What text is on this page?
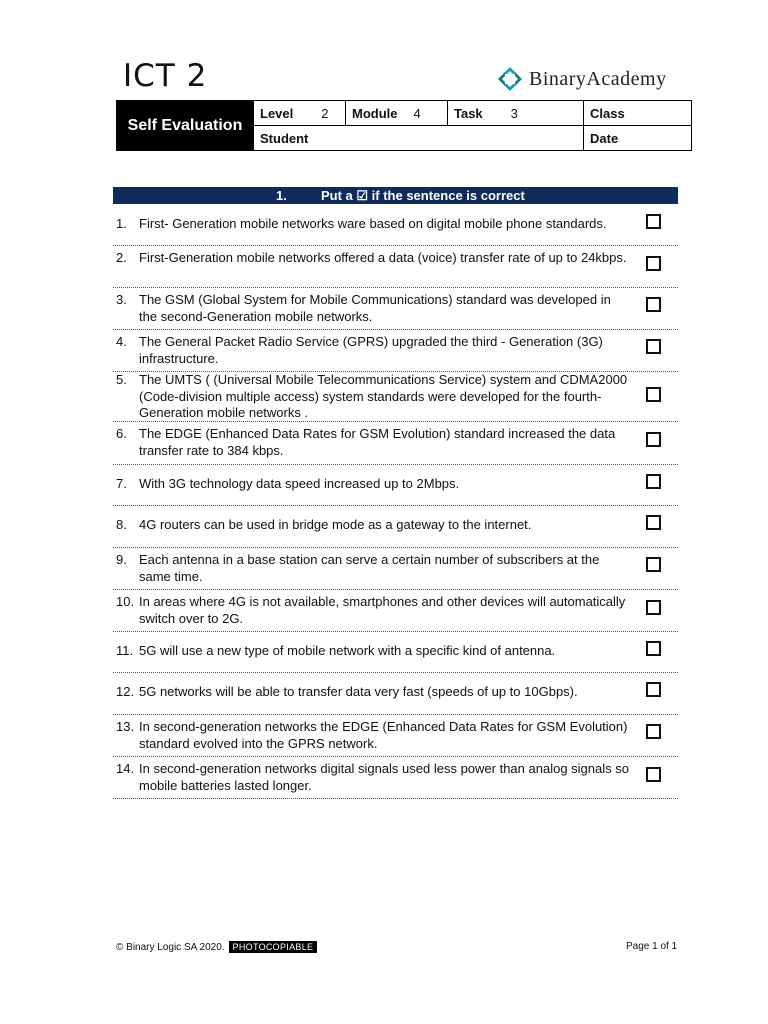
ICT 2	BinaryAcademy
Self Evaluation	Level 2	Module 4	Task 3	Class
	Student			Date
1.	Put a ☑ if the sentence is correct
1. First- Generation mobile networks ware based on digital mobile phone standards.
2. First-Generation mobile networks offered a data (voice) transfer rate of up to 24kbps.
3. The GSM (Global System for Mobile Communications) standard was developed in the second-Generation mobile networks.
4. The General Packet Radio Service (GPRS) upgraded the third - Generation (3G) infrastructure.
5. The UMTS ( (Universal Mobile Telecommunications Service) system and CDMA2000 (Code-division multiple access) system standards were developed for the fourth-Generation mobile networks .
6. The EDGE (Enhanced Data Rates for GSM Evolution) standard increased the data transfer rate to 384 kbps.
7. With 3G technology data speed increased up to 2Mbps.
8. 4G routers can be used in bridge mode as a gateway to the internet.
9. Each antenna in a base station can serve a certain number of subscribers at the same time.
10. In areas where 4G is not available, smartphones and other devices will automatically switch over to 2G.
11. 5G will use a new type of mobile network with a specific kind of antenna.
12. 5G networks will be able to transfer data very fast (speeds of up to 10Gbps).
13. In second-generation networks the EDGE (Enhanced Data Rates for GSM Evolution) standard evolved into the GPRS network.
14. In second-generation networks digital signals used less power than analog signals so mobile batteries lasted longer.
© Binary Logic SA 2020. PHOTOCOPIABLE	Page 1 of 1
